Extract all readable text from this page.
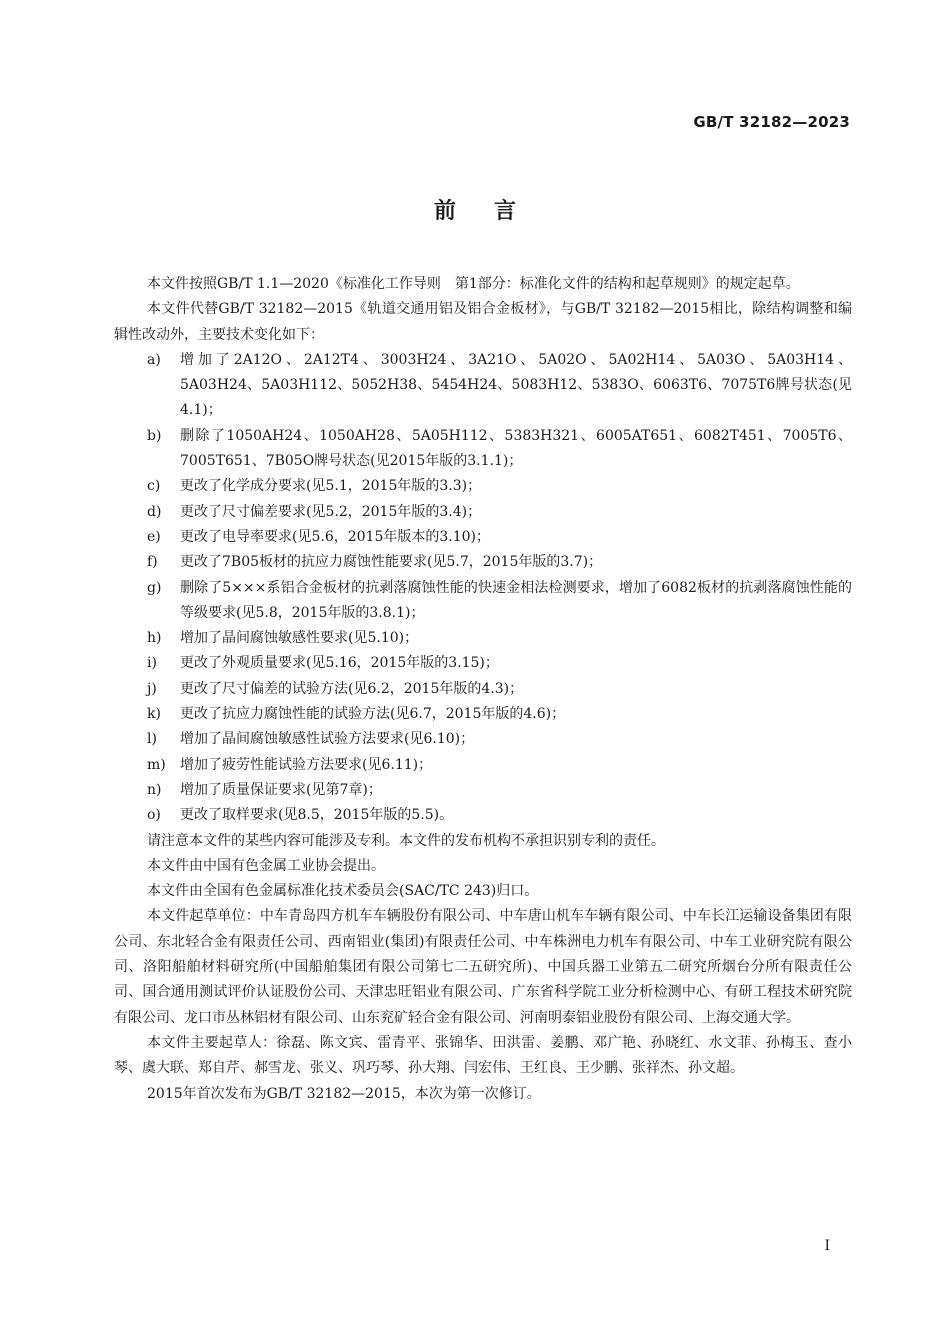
GB/T 32182—2023
前言

本文件按照GB/T 1.1—2020《标准化工作导则　第1部分：标准化文件的结构和起草规则》的规定起草。

本文件代替GB/T 32182—2015《轨道交通用铝及铝合金板材》，与GB/T 32182—2015相比，除结构调整和编辑性改动外，主要技术变化如下：

a)	增加了2A12O、2A12T4、3003H24、3A21O、5A02O、5A02H14、5A03O、5A03H14、5A03H24、5A03H112、5052H38、5454H24、5083H12、5383O、6063T6、7075T6牌号状态(见4.1)；
b)	删除了1050AH24、1050AH28、5A05H112、5383H321、6005AT651、6082T451、7005T6、7005T651、7B05O牌号状态(见2015年版的3.1.1)；
c)	更改了化学成分要求(见5.1，2015年版的3.3)；
d)	更改了尺寸偏差要求(见5.2，2015年版的3.4)；
e)	更改了电导率要求(见5.6，2015年版本的3.10)；
f)	更改了7B05板材的抗应力腐蚀性能要求(见5.7，2015年版的3.7)；
g)	删除了5×××系铝合金板材的抗剥落腐蚀性能的快速金相法检测要求，增加了6082板材的抗剥落腐蚀性能的等级要求(见5.8，2015年版的3.8.1)；
h)	增加了晶间腐蚀敏感性要求(见5.10)；
i)	更改了外观质量要求(见5.16，2015年版的3.15)；
j)	更改了尺寸偏差的试验方法(见6.2，2015年版的4.3)；
k)	更改了抗应力腐蚀性能的试验方法(见6.7，2015年版的4.6)；
l)	增加了晶间腐蚀敏感性试验方法要求(见6.10)；
m)	增加了疲劳性能试验方法要求(见6.11)；
n)	增加了质量保证要求(见第7章)；
o)	更改了取样要求(见8.5，2015年版的5.5)。

请注意本文件的某些内容可能涉及专利。本文件的发布机构不承担识别专利的责任。

本文件由中国有色金属工业协会提出。

本文件由全国有色金属标准化技术委员会(SAC/TC 243)归口。

本文件起草单位：中车青岛四方机车车辆股份有限公司、中车唐山机车车辆有限公司、中车长江运输设备集团有限公司、东北轻合金有限责任公司、西南铝业(集团)有限责任公司、中车株洲电力机车有限公司、中车工业研究院有限公司、洛阳船舶材料研究所(中国船舶集团有限公司第七二五研究所)、中国兵器工业第五二研究所烟台分所有限责任公司、国合通用测试评价认证股份公司、天津忠旺铝业有限公司、广东省科学院工业分析检测中心、有研工程技术研究院有限公司、龙口市丛林铝材有限公司、山东兖矿轻合金有限公司、河南明泰铝业股份有限公司、上海交通大学。

本文件主要起草人：徐磊、陈文宾、雷青平、张锦华、田洪雷、姜鹏、邓广艳、孙晓红、水文菲、孙梅玉、查小琴、虞大联、郑自芹、郝雪龙、张义、巩巧琴、孙大翔、闫宏伟、王红良、王少鹏、张祥杰、孙文超。

2015年首次发布为GB/T 32182—2015，本次为第一次修订。

I
